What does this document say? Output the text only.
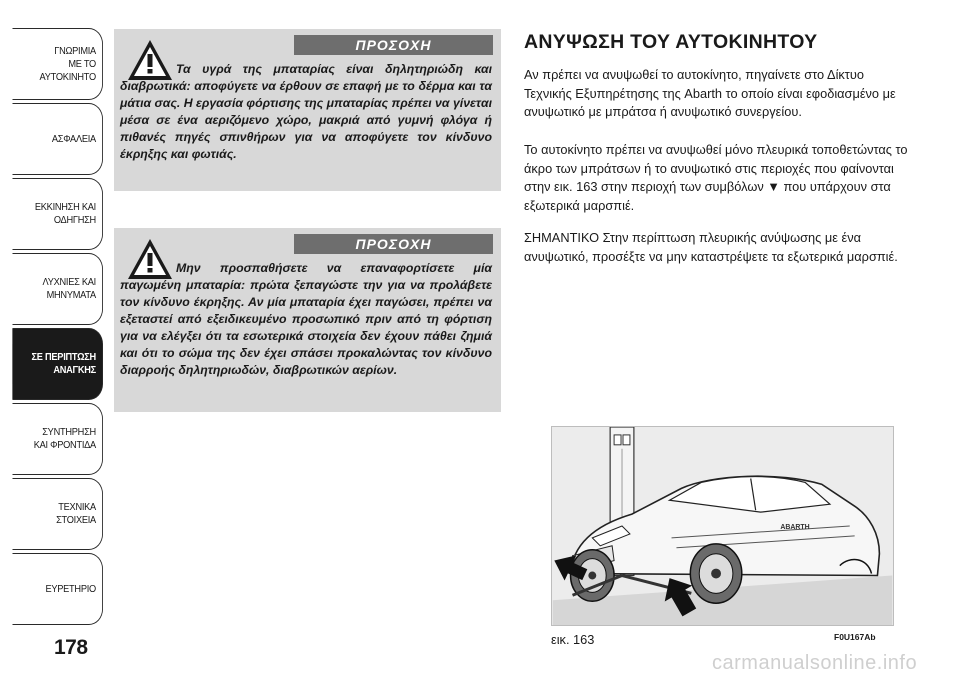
ΓΝΩΡΙΜΙΑ
ΜΕ ΤΟ
ΑΥΤΟΚΙΝΗΤΟ
ΑΣΦΑΛΕΙΑ
ΕΚΚΙΝΗΣΗ ΚΑΙ
ΟΔΗΓΗΣΗ
ΛΥΧΝΙΕΣ ΚΑΙ
ΜΗΝΥΜΑΤΑ
ΣΕ ΠΕΡΙΠΤΩΣΗ
ΑΝΑΓΚΗΣ
ΣΥΝΤΗΡΗΣΗ
ΚΑΙ ΦΡΟΝΤΙΔΑ
ΤΕΧΝΙΚΑ
ΣΤΟΙΧΕΙΑ
ΕΥΡΕΤΗΡΙΟ
178
ΠΡΟΣΟΧΗ
Τα υγρά της μπαταρίας είναι δηλητηριώδη και διαβρωτικά: αποφύγετε να έρθουν σε επαφή με το δέρμα και τα μάτια σας. Η εργασία φόρτισης της μπαταρίας πρέπει να γίνεται μέσα σε ένα αεριζόμενο χώρο, μακριά από γυμνή φλόγα ή πιθανές πηγές σπινθήρων για να αποφύγετε τον κίνδυνο έκρηξης και φωτιάς.
ΠΡΟΣΟΧΗ
Μην προσπαθήσετε να επαναφορτίσετε μία παγωμένη μπαταρία: πρώτα ξεπαγώστε την για να προλάβετε τον κίνδυνο έκρηξης. Αν μία μπαταρία έχει παγώσει, πρέπει να εξεταστεί από εξειδικευμένο προσωπικό πριν από τη φόρτιση για να ελέγξει ότι τα εσωτερικά στοιχεία δεν έχουν πάθει ζημιά και ότι το σώμα της δεν έχει σπάσει προκαλώντας τον κίνδυνο διαρροής δηλητηριωδών, διαβρωτικών αερίων.
ΑΝΥΨΩΣΗ ΤΟΥ ΑΥΤΟΚΙΝΗΤΟΥ
Αν πρέπει να ανυψωθεί το αυτοκίνητο, πηγαίνετε στο Δίκτυο Τεχνικής Εξυπηρέτησης της Abarth το οποίο είναι εφοδιασμένο με ανυψωτικό με μπράτσα ή ανυψωτικό συνεργείου.
Το αυτοκίνητο πρέπει να ανυψωθεί μόνο πλευρικά τοποθετώντας το άκρο των μπράτσων ή το ανυψωτικό στις περιοχές που φαίνονται στην εικ. 163 στην περιοχή των συμβόλων ▼ που υπάρχουν στα εξωτερικά μαρσπιέ.
ΣΗΜΑΝΤΙΚΟ Στην περίπτωση πλευρικής ανύψωσης με ένα ανυψωτικό, προσέξτε να μην καταστρέψετε τα εξωτερικά μαρσπιέ.
ABARTH
εικ. 163	F0U167Ab
carmanualsonline.info
